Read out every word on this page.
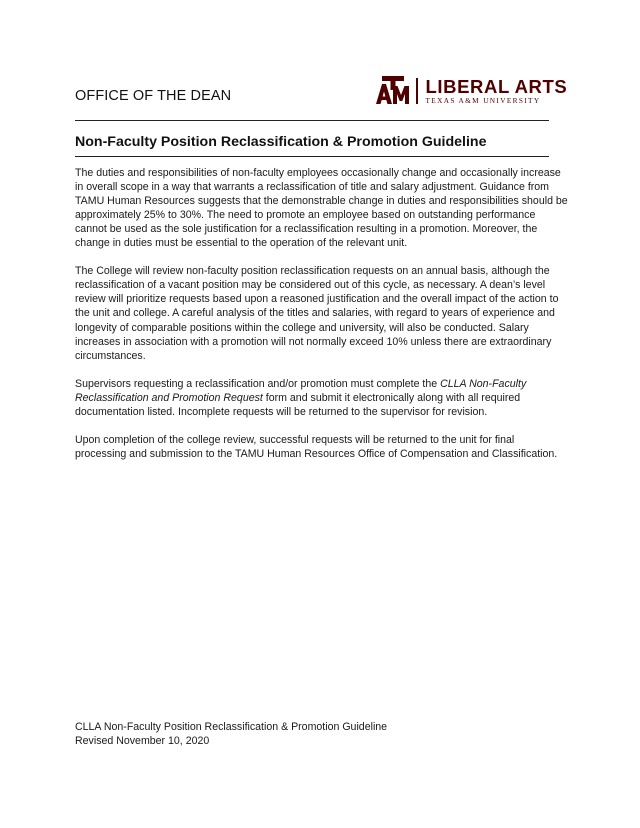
OFFICE OF THE DEAN	LIBERAL ARTS
TEXAS A&M UNIVERSITY
Non-Faculty Position Reclassification & Promotion Guideline

The duties and responsibilities of non-faculty employees occasionally change and occasionally increase
in overall scope in a way that warrants a reclassification of title and salary adjustment. Guidance from
TAMU Human Resources suggests that the demonstrable change in duties and responsibilities should be
approximately 25% to 30%. The need to promote an employee based on outstanding performance
cannot be used as the sole justification for a reclassification resulting in a promotion. Moreover, the
change in duties must be essential to the operation of the relevant unit.

The College will review non-faculty position reclassification requests on an annual basis, although the
reclassification of a vacant position may be considered out of this cycle, as necessary. A dean’s level
review will prioritize requests based upon a reasoned justification and the overall impact of the action to
the unit and college. A careful analysis of the titles and salaries, with regard to years of experience and
longevity of comparable positions within the college and university, will also be conducted. Salary
increases in association with a promotion will not normally exceed 10% unless there are extraordinary
circumstances.

Supervisors requesting a reclassification and/or promotion must complete the CLLA Non-Faculty
Reclassification and Promotion Request form and submit it electronically along with all required
documentation listed. Incomplete requests will be returned to the supervisor for revision.

Upon completion of the college review, successful requests will be returned to the unit for final
processing and submission to the TAMU Human Resources Office of Compensation and Classification.

CLLA Non-Faculty Position Reclassification & Promotion Guideline
Revised November 10, 2020
